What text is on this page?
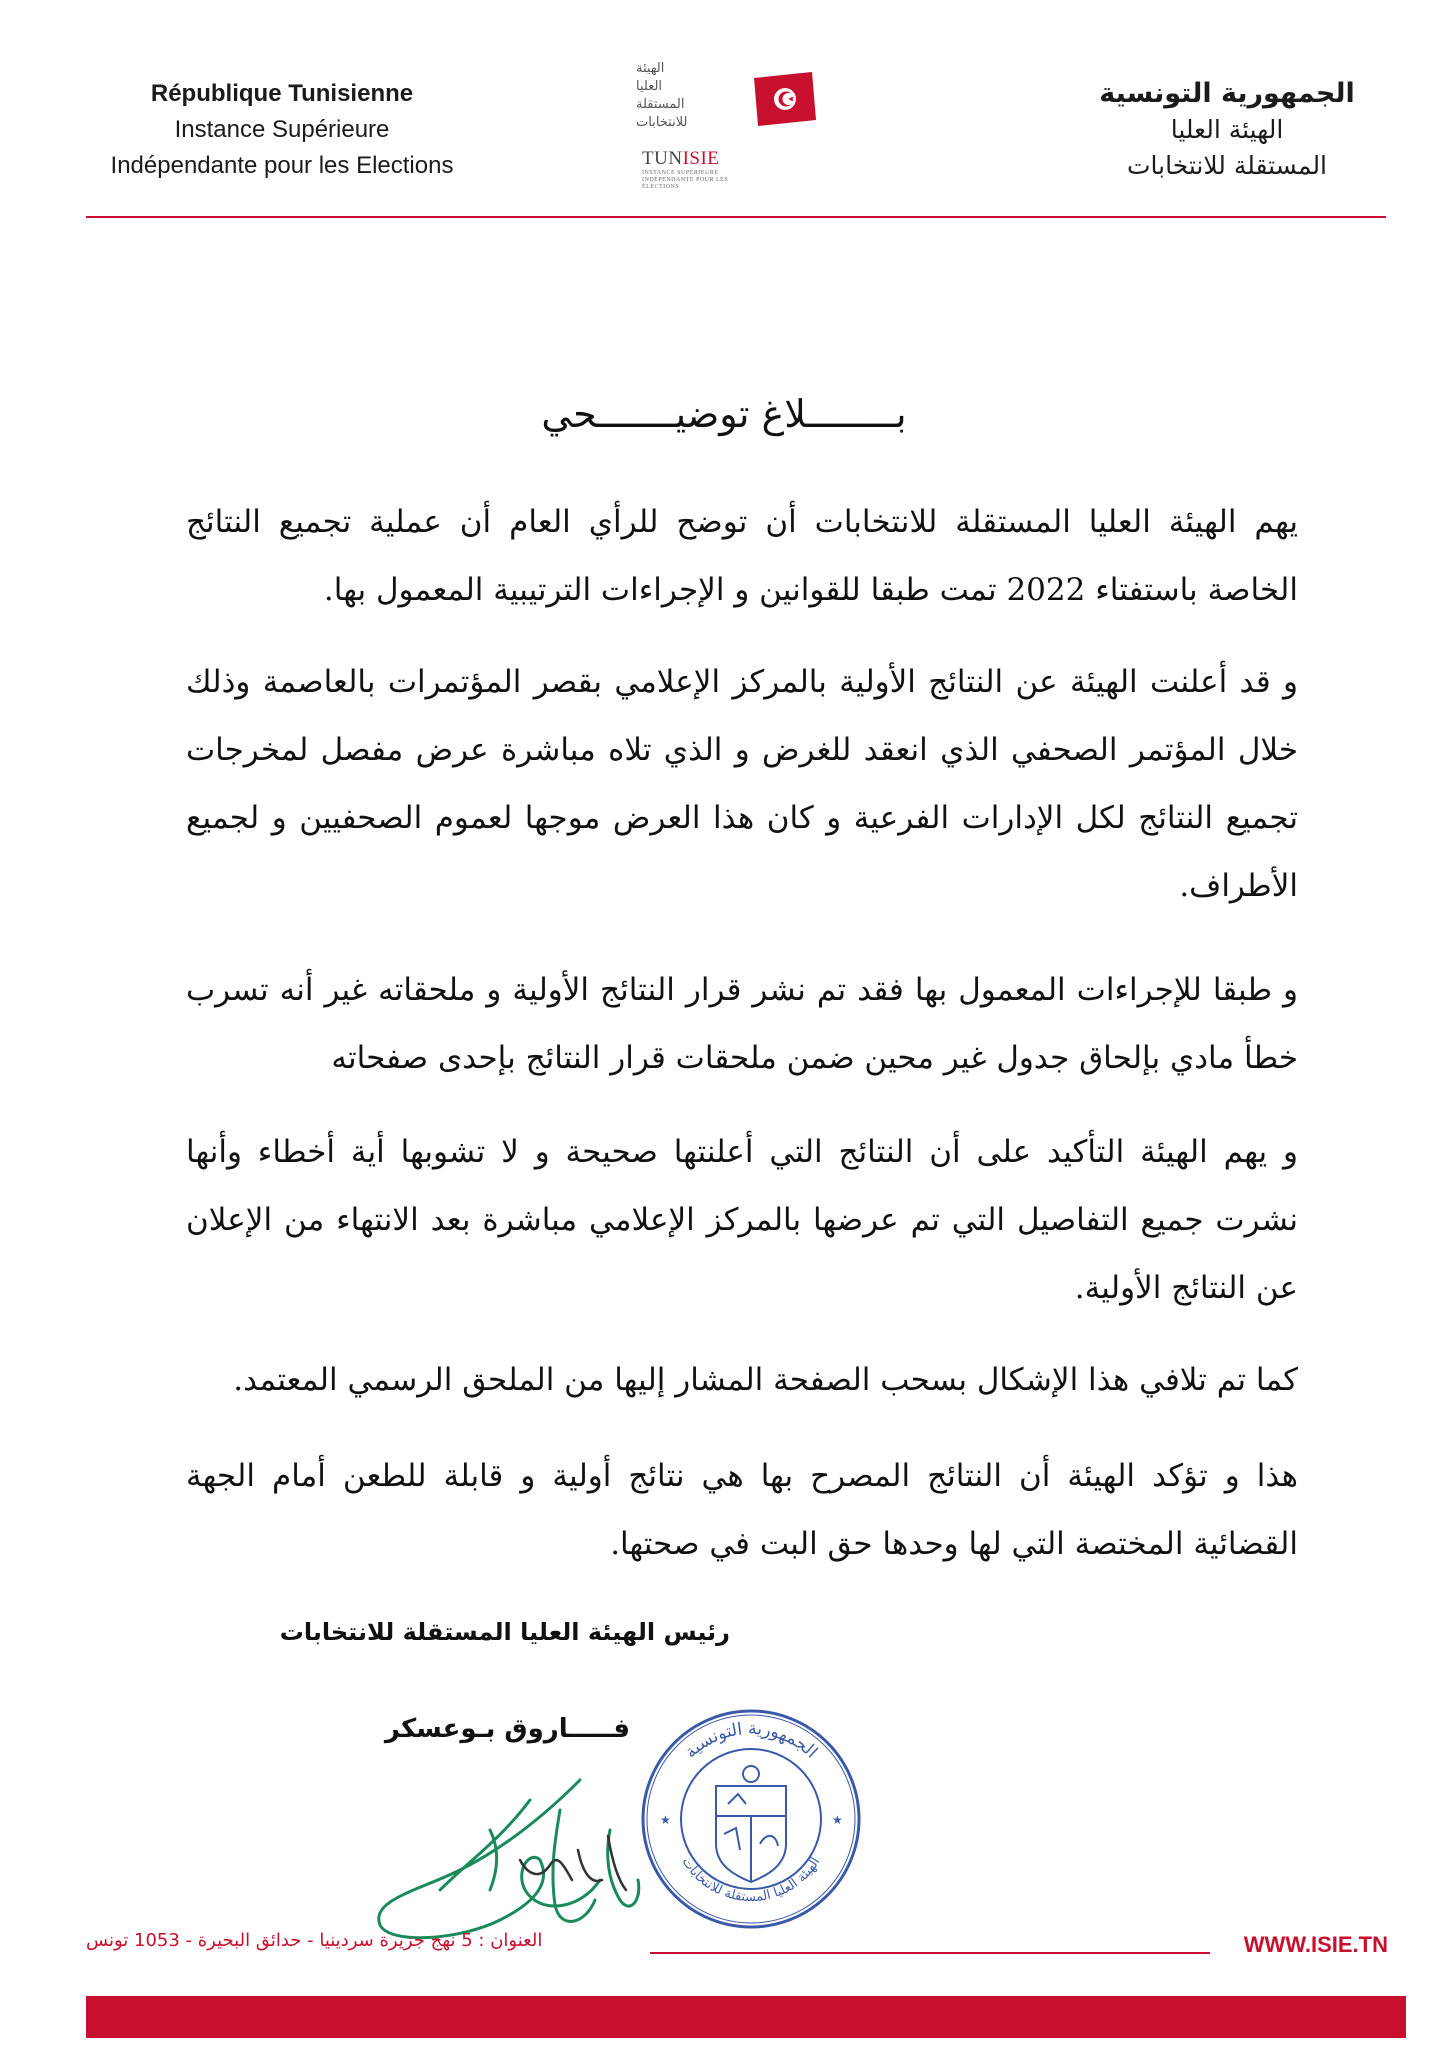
République Tunisienne
Instance Supérieure
Indépendante pour les Elections
الهيئة
العليا
المستقلة
للانتخابات
TUNISIE
INSTANCE SUPÉRIEURE INDÉPENDANTE POUR LES ÉLECTIONS
الجمهورية التونسية
الهيئة العليا
المستقلة للانتخابات
بــــــــلاغ توضيـــــــحي

يهم الهيئة العليا المستقلة للانتخابات أن توضح للرأي العام أن عملية تجميع النتائج الخاصة باستفتاء 2022 تمت طبقا للقوانين و الإجراءات الترتيبية المعمول بها.

و قد أعلنت الهيئة عن النتائج الأولية بالمركز الإعلامي بقصر المؤتمرات بالعاصمة وذلك خلال المؤتمر الصحفي الذي انعقد للغرض و الذي تلاه مباشرة عرض مفصل لمخرجات تجميع النتائج لكل الإدارات الفرعية و كان هذا العرض موجها لعموم الصحفيين و لجميع الأطراف.

و طبقا للإجراءات المعمول بها فقد تم نشر قرار النتائج الأولية و ملحقاته غير أنه تسرب خطأ مادي بإلحاق جدول غير محين ضمن ملحقات قرار النتائج بإحدى صفحاته

و يهم الهيئة التأكيد على أن النتائج التي أعلنتها صحيحة و لا تشوبها أية أخطاء وأنها نشرت جميع التفاصيل التي تم عرضها بالمركز الإعلامي مباشرة بعد الانتهاء من الإعلان عن النتائج الأولية.

كما تم تلافي هذا الإشكال بسحب الصفحة المشار إليها من الملحق الرسمي المعتمد.

هذا و تؤكد الهيئة أن النتائج المصرح بها هي نتائج أولية و قابلة للطعن أمام الجهة القضائية المختصة التي لها وحدها حق البت في صحتها.

رئيس الهيئة العليا المستقلة للانتخابات
فـــــاروق بـوعسكر
الجمهورية التونسية
الهيئة العليا المستقلة للانتخابات
★	★
العنوان : 5 نهج جزيرة سردينيا - حدائق البحيرة - 1053 تونس	WWW.ISIE.TN
